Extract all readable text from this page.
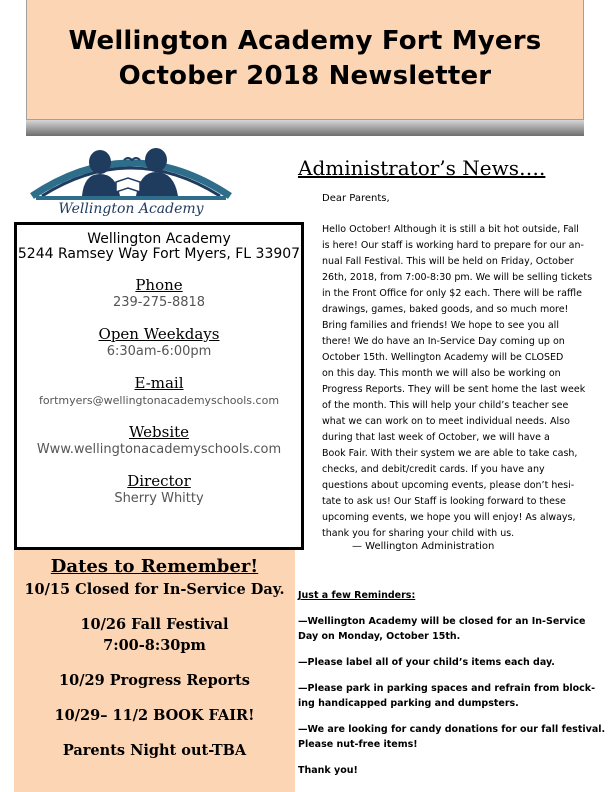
Wellington Academy Fort Myers
October 2018 Newsletter
Wellington Academy
Wellington Academy
5244 Ramsey Way Fort Myers, FL 33907
Phone
239-275-8818
Open Weekdays
6:30am-6:00pm
E-mail
fortmyers@wellingtonacademyschools.com
Website
Www.wellingtonacademyschools.com
Director
Sherry Whitty
Dates to Remember!
10/15 Closed for In-Service Day.
10/26 Fall Festival
7:00-8:30pm
10/29 Progress Reports
10/29– 11/2 BOOK FAIR!
Parents Night out-TBA
Administrator’s News….
Dear Parents,
Hello October! Although it is still a bit hot outside, Fall
is here! Our staff is working hard to prepare for our an-
nual Fall Festival. This will be held on Friday, October
26th, 2018, from 7:00-8:30 pm. We will be selling tickets
in the Front Office for only $2 each. There will be raffle
drawings, games, baked goods, and so much more!
Bring families and friends! We hope to see you all
there! We do have an In-Service Day coming up on
October 15th. Wellington Academy will be CLOSED
on this day. This month we will also be working on
Progress Reports. They will be sent home the last week
of the month. This will help your child’s teacher see
what we can work on to meet individual needs. Also
during that last week of October, we will have a
Book Fair. With their system we are able to take cash,
checks, and debit/credit cards. If you have any
questions about upcoming events, please don’t hesi-
tate to ask us! Our Staff is looking forward to these
upcoming events, we hope you will enjoy! As always,
thank you for sharing your child with us.
— Wellington Administration
Just a few Reminders:
—Wellington Academy will be closed for an In-Service
Day on Monday, October 15th.
—Please label all of your child’s items each day.
—Please park in parking spaces and refrain from block-
ing handicapped parking and dumpsters.
—We are looking for candy donations for our fall festival.
Please nut-free items!
Thank you!
